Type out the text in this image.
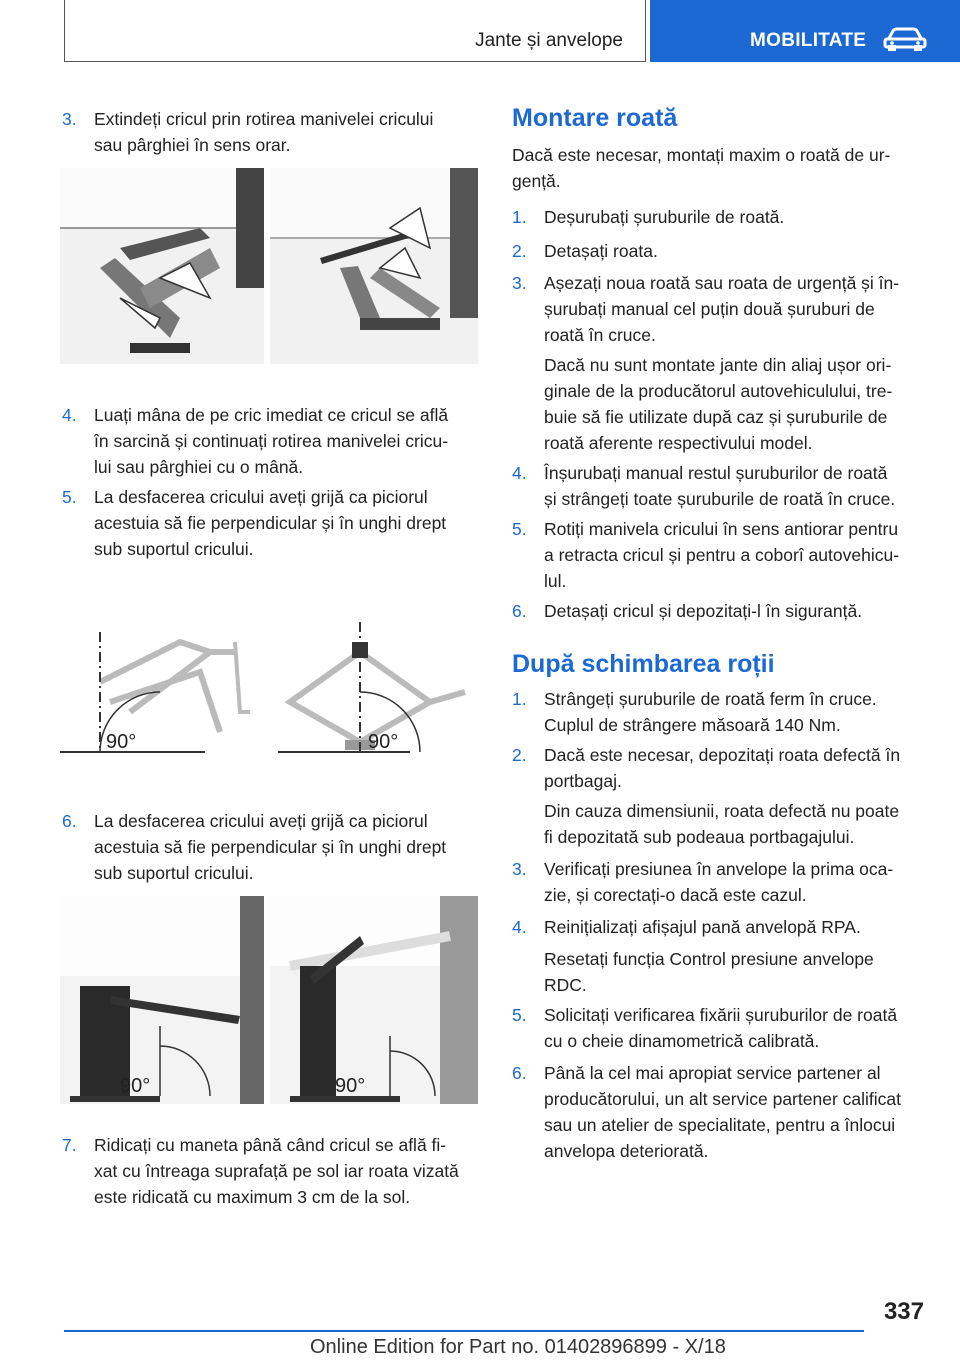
Jante și anvelope	MOBILITATE
3. Extindeți cricul prin rotirea manivelei cricului
sau pârghiei în sens orar.
4. Luați mâna de pe cric imediat ce cricul se află
în sarcină și continuați rotirea manivelei cricu-
lui sau pârghiei cu o mână.
5. La desfacerea cricului aveți grijă ca piciorul
acestuia să fie perpendicular și în unghi drept
sub suportul cricului.
90°	90°
6. La desfacerea cricului aveți grijă ca piciorul
acestuia să fie perpendicular și în unghi drept
sub suportul cricului.
90°	90°
7. Ridicați cu maneta până când cricul se află fi-
xat cu întreaga suprafață pe sol iar roata vizată
este ridicată cu maximum 3 cm de la sol.
Montare roată
Dacă este necesar, montați maxim o roată de ur-
gență.
1. Deșurubați șuruburile de roată.
2. Detașați roata.
3. Așezați noua roată sau roata de urgență și în-
șurubați manual cel puțin două șuruburi de
roată în cruce.
Dacă nu sunt montate jante din aliaj ușor ori-
ginale de la producătorul autovehiculului, tre-
buie să fie utilizate după caz și șuruburile de
roată aferente respectivului model.
4. Înșurubați manual restul șuruburilor de roată
și strângeți toate șuruburile de roată în cruce.
5. Rotiți manivela cricului în sens antiorar pentru
a retracta cricul și pentru a coborî autovehicu-
lul.
6. Detașați cricul și depozitați-l în siguranță.
După schimbarea roții
1. Strângeți șuruburile de roată ferm în cruce.
Cuplul de strângere măsoară 140 Nm.
2. Dacă este necesar, depozitați roata defectă în
portbagaj.
Din cauza dimensiunii, roata defectă nu poate
fi depozitată sub podeaua portbagajului.
3. Verificați presiunea în anvelope la prima oca-
zie, și corectați-o dacă este cazul.
4. Reinițializați afișajul pană anvelopă RPA.
Resetați funcția Control presiune anvelope
RDC.
5. Solicitați verificarea fixării șuruburilor de roată
cu o cheie dinamometrică calibrată.
6. Până la cel mai apropiat service partener al
producătorului, un alt service partener calificat
sau un atelier de specialitate, pentru a înlocui
anvelopa deteriorată.
337
Online Edition for Part no. 01402896899 - X/18
